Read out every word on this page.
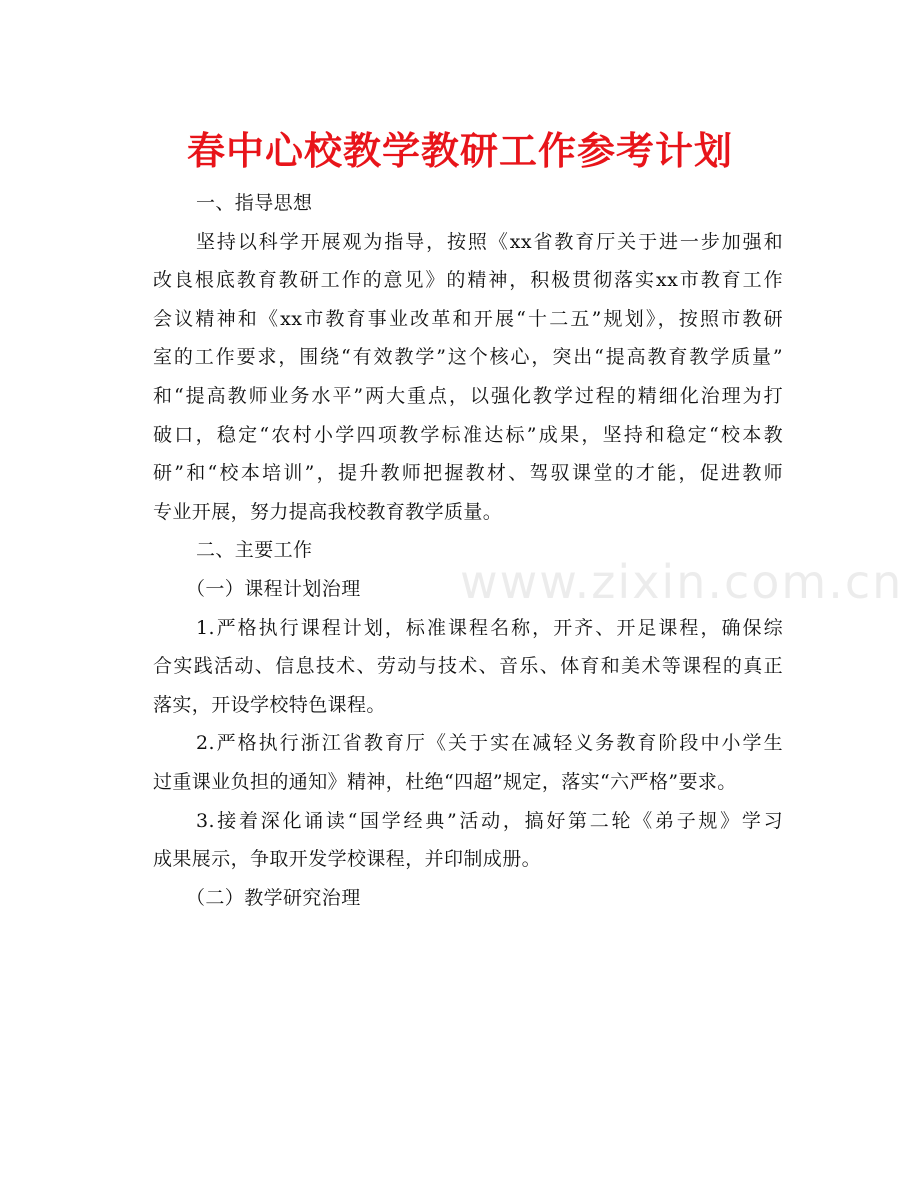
春中心校教学教研工作参考计划
www.zixin.com.cn
一、指导思想
坚持以科学开展观为指导，按照《xx省教育厅关于进一步加强和
改良根底教育教研工作的意见》的精神，积极贯彻落实xx市教育工作
会议精神和《xx市教育事业改革和开展“十二五”规划》，按照市教研
室的工作要求，围绕“有效教学”这个核心，突出“提高教育教学质量”
和“提高教师业务水平”两大重点，以强化教学过程的精细化治理为打
破口，稳定“农村小学四项教学标准达标”成果，坚持和稳定“校本教
研”和“校本培训”，提升教师把握教材、驾驭课堂的才能，促进教师
专业开展，努力提高我校教育教学质量。
二、主要工作
（一）课程计划治理
1.严格执行课程计划，标准课程名称，开齐、开足课程，确保综
合实践活动、信息技术、劳动与技术、音乐、体育和美术等课程的真正
落实，开设学校特色课程。
2.严格执行浙江省教育厅《关于实在减轻义务教育阶段中小学生
过重课业负担的通知》精神，杜绝“四超”规定，落实“六严格”要求。
3.接着深化诵读“国学经典”活动，搞好第二轮《弟子规》学习
成果展示，争取开发学校课程，并印制成册。
（二）教学研究治理
